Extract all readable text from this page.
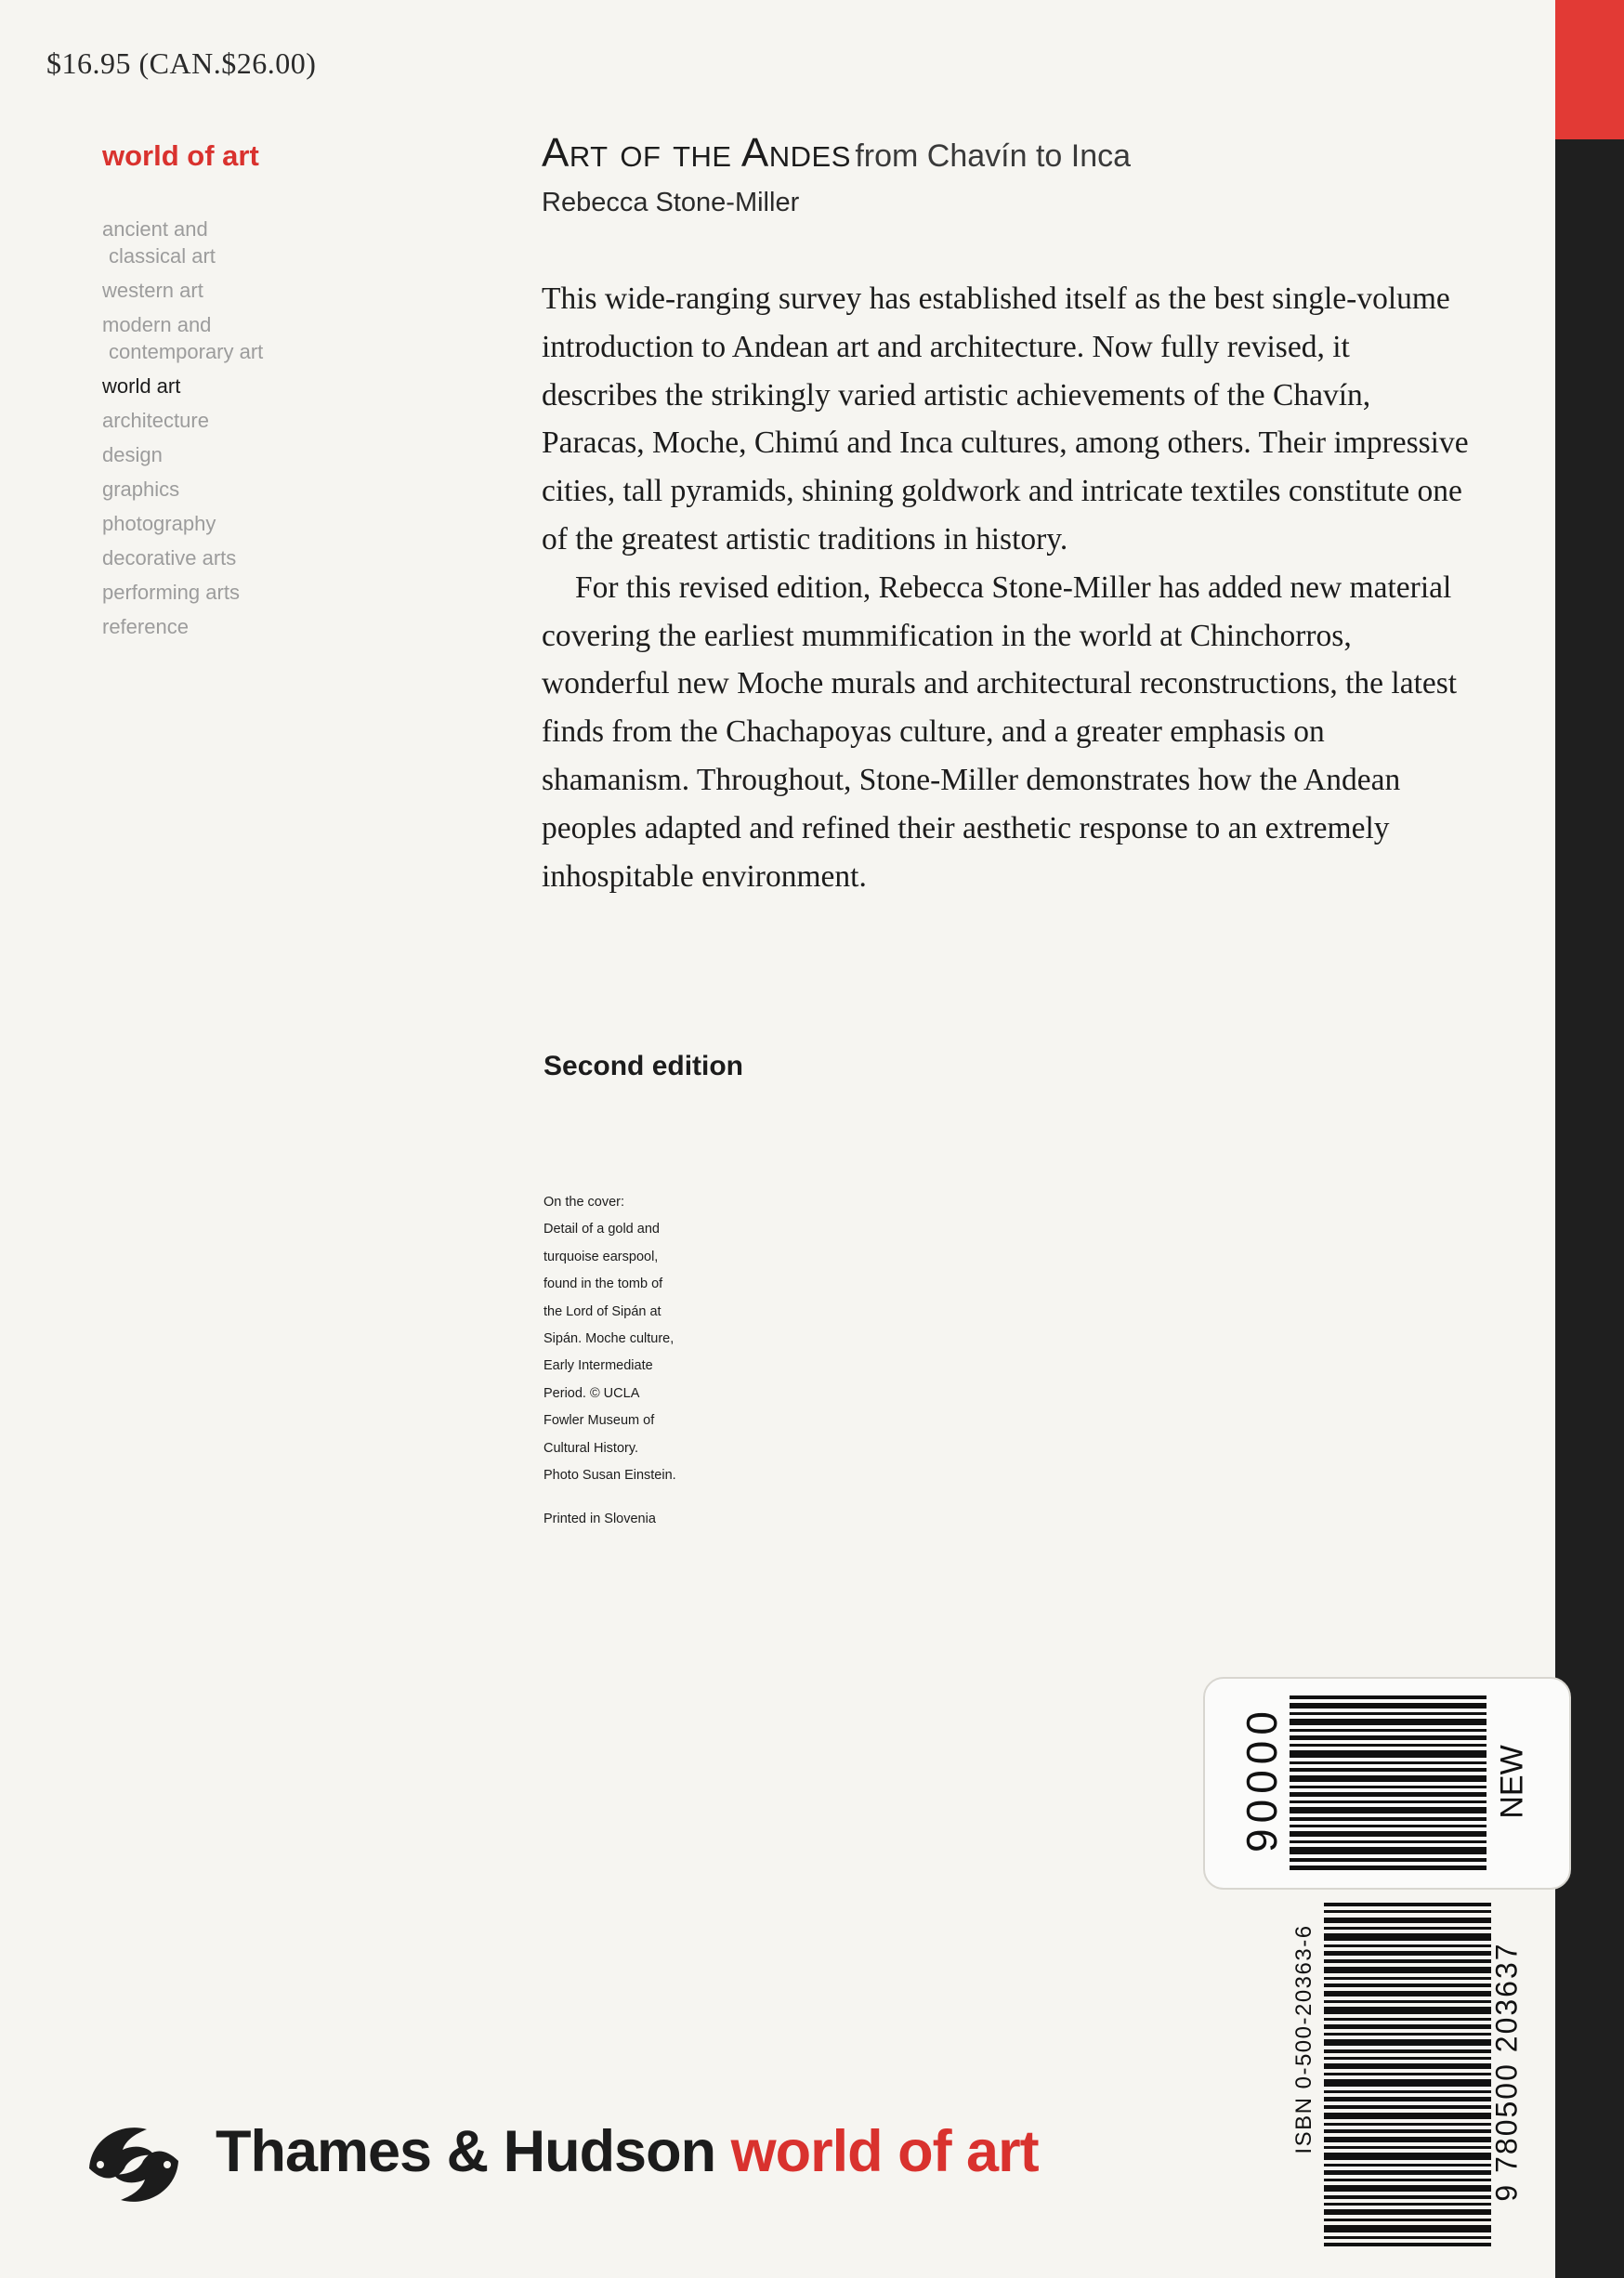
$16.95 (CAN.$26.00)
world of art
ancient and
classical art
western art
modern and
contemporary art
world art
architecture
design
graphics
photography
decorative arts
performing arts
reference
Art of the Andes from Chavín to Inca
Rebecca Stone-Miller

This wide-ranging survey has established itself as the best single-volume introduction to Andean art and architecture. Now fully revised, it describes the strikingly varied artistic achievements of the Chavín, Paracas, Moche, Chimú and Inca cultures, among others. Their impressive cities, tall pyramids, shining goldwork and intricate textiles constitute one of the greatest artistic traditions in history.

For this revised edition, Rebecca Stone-Miller has added new material covering the earliest mummification in the world at Chinchorros, wonderful new Moche murals and architectural reconstructions, the latest finds from the Chachapoyas culture, and a greater emphasis on shamanism. Throughout, Stone-Miller demonstrates how the Andean peoples adapted and refined their aesthetic response to an extremely inhospitable environment.

Second edition
On the cover:
Detail of a gold and
turquoise earspool,
found in the tomb of
the Lord of Sipán at
Sipán. Moche culture,
Early Intermediate
Period. © UCLA
Fowler Museum of
Cultural History.
Photo Susan Einstein.
Printed in Slovenia
90000	NEW
ISBN 0-500-20363-6	9 780500 203637
Thames & Hudson world of art
